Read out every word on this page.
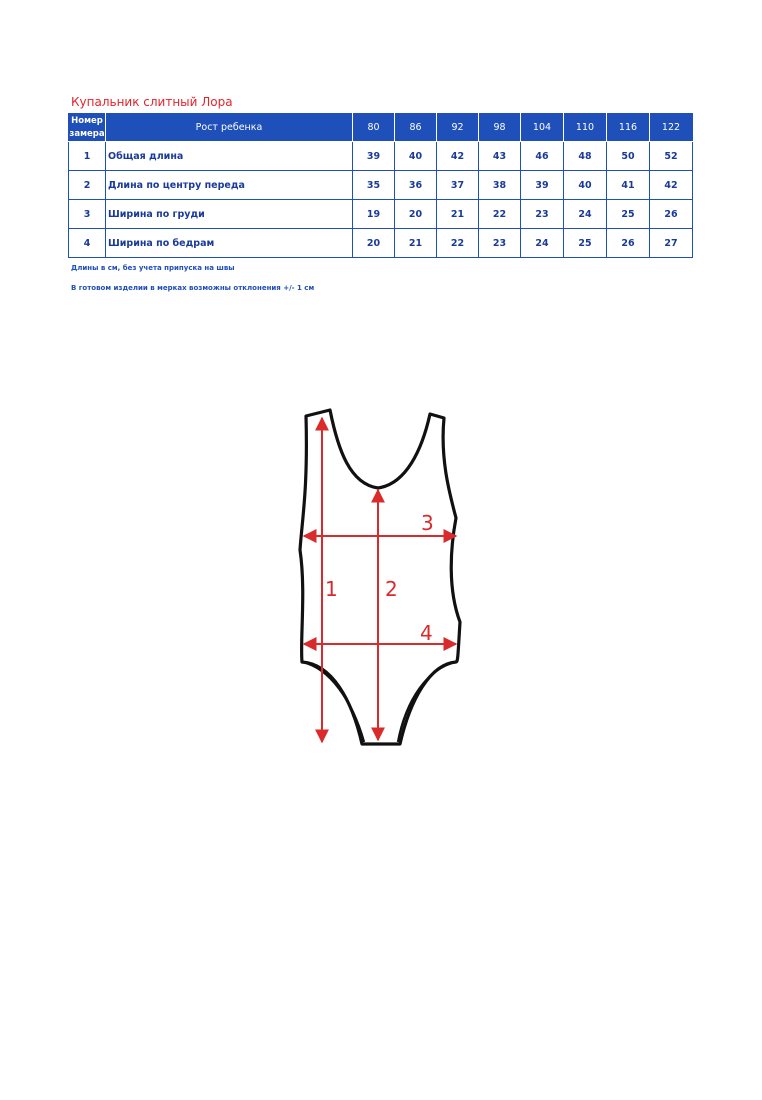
Купальник слитный Лора
Номер замера	Рост ребенка	80	86	92	98	104	110	116	122
1	Общая длина	39	40	42	43	46	48	50	52
2	Длина по центру переда	35	36	37	38	39	40	41	42
3	Ширина по груди	19	20	21	22	23	24	25	26
4	Ширина по бедрам	20	21	22	23	24	25	26	27
Длины в см, без учета припуска на швы
В готовом изделии в мерках возможны отклонения +/- 1 см
1 2
3
4
